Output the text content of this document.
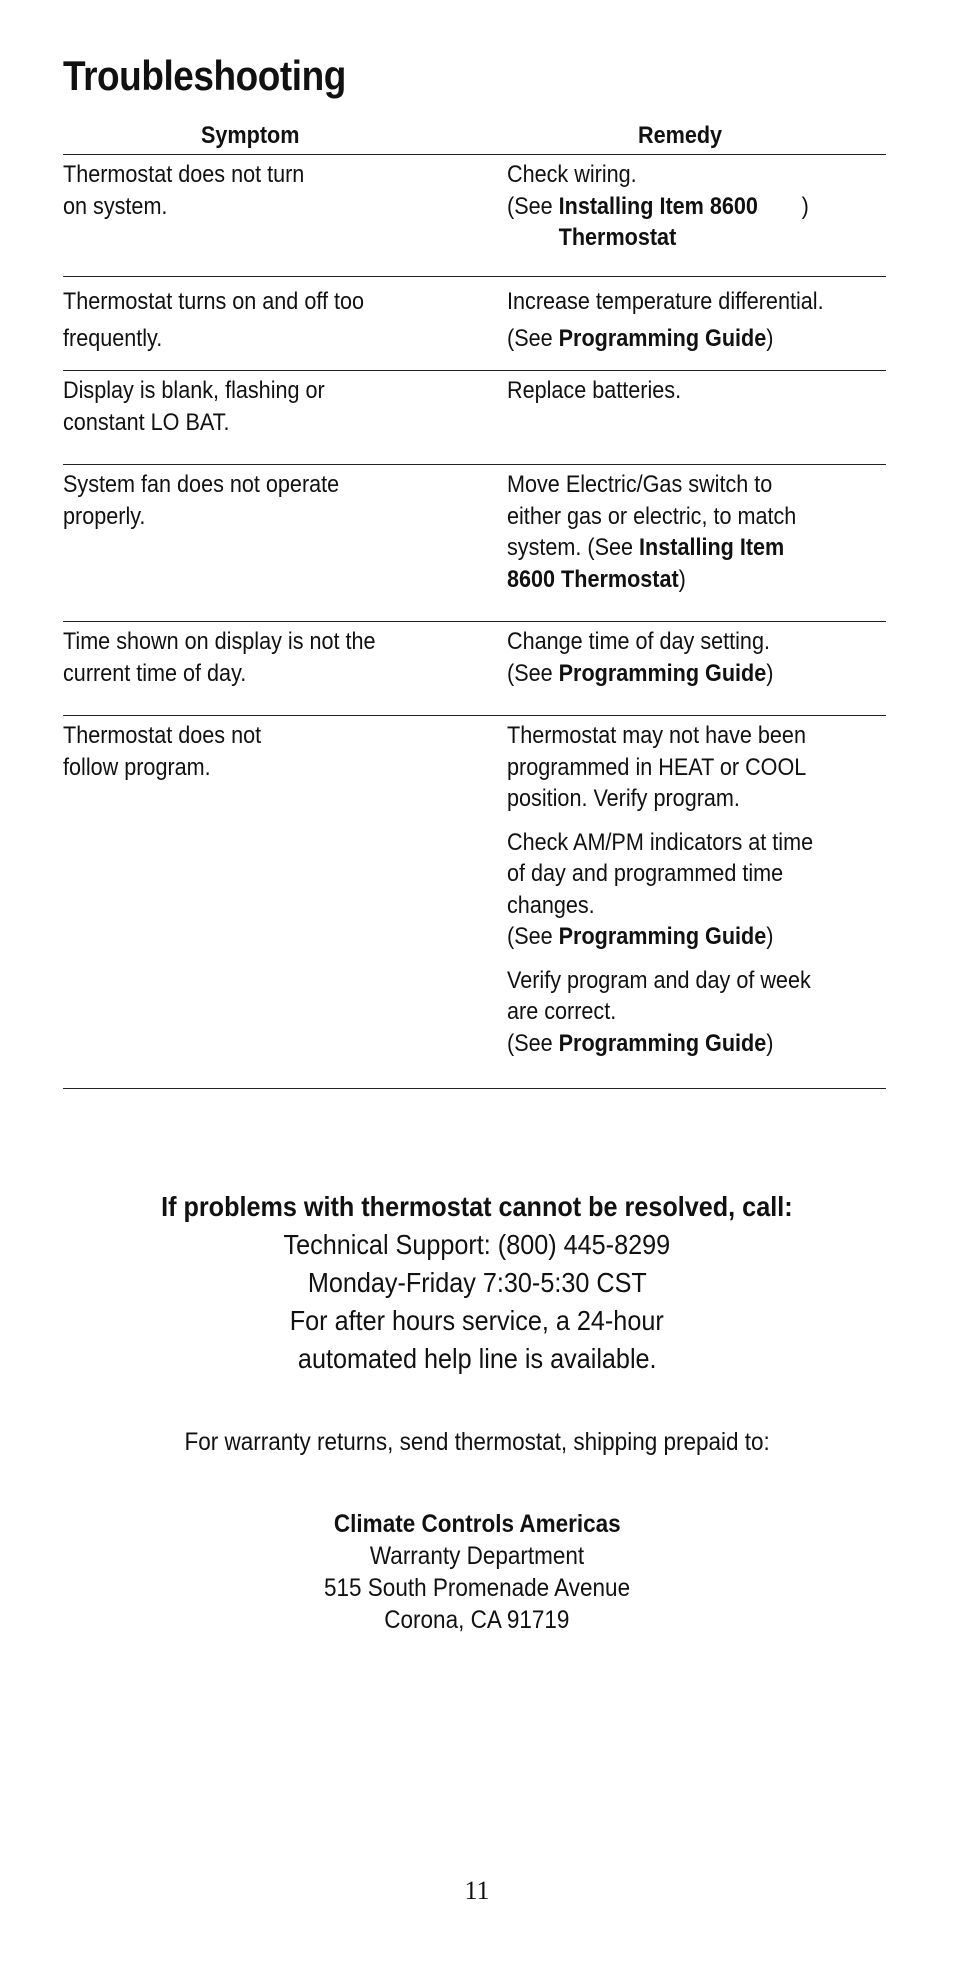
Troubleshooting
Symptom	Remedy
Thermostat does not turn
on system.

Check wiring.
(See Installing Item 8600 Thermostat)

Thermostat turns on and off too
frequently.

Increase temperature differential.
(See Programming Guide)

Display is blank, flashing or
constant LO BAT.

Replace batteries.

System fan does not operate
properly.

Move Electric/Gas switch to
either gas or electric, to match
system. (See Installing Item 8600 Thermostat)

Time shown on display is not the
current time of day.

Change time of day setting.
(See Programming Guide)

Thermostat does not
follow program.

Thermostat may not have been
programmed in HEAT or COOL
position. Verify program.

Check AM/PM indicators at time
of day and programmed time
changes.
(See Programming Guide)

Verify program and day of week
are correct.
(See Programming Guide)

If problems with thermostat cannot be resolved, call:
Technical Support: (800) 445-8299
Monday-Friday 7:30-5:30 CST
For after hours service, a 24-hour
automated help line is available.
For warranty returns, send thermostat, shipping prepaid to:
Climate Controls Americas
Warranty Department
515 South Promenade Avenue
Corona, CA 91719
11
